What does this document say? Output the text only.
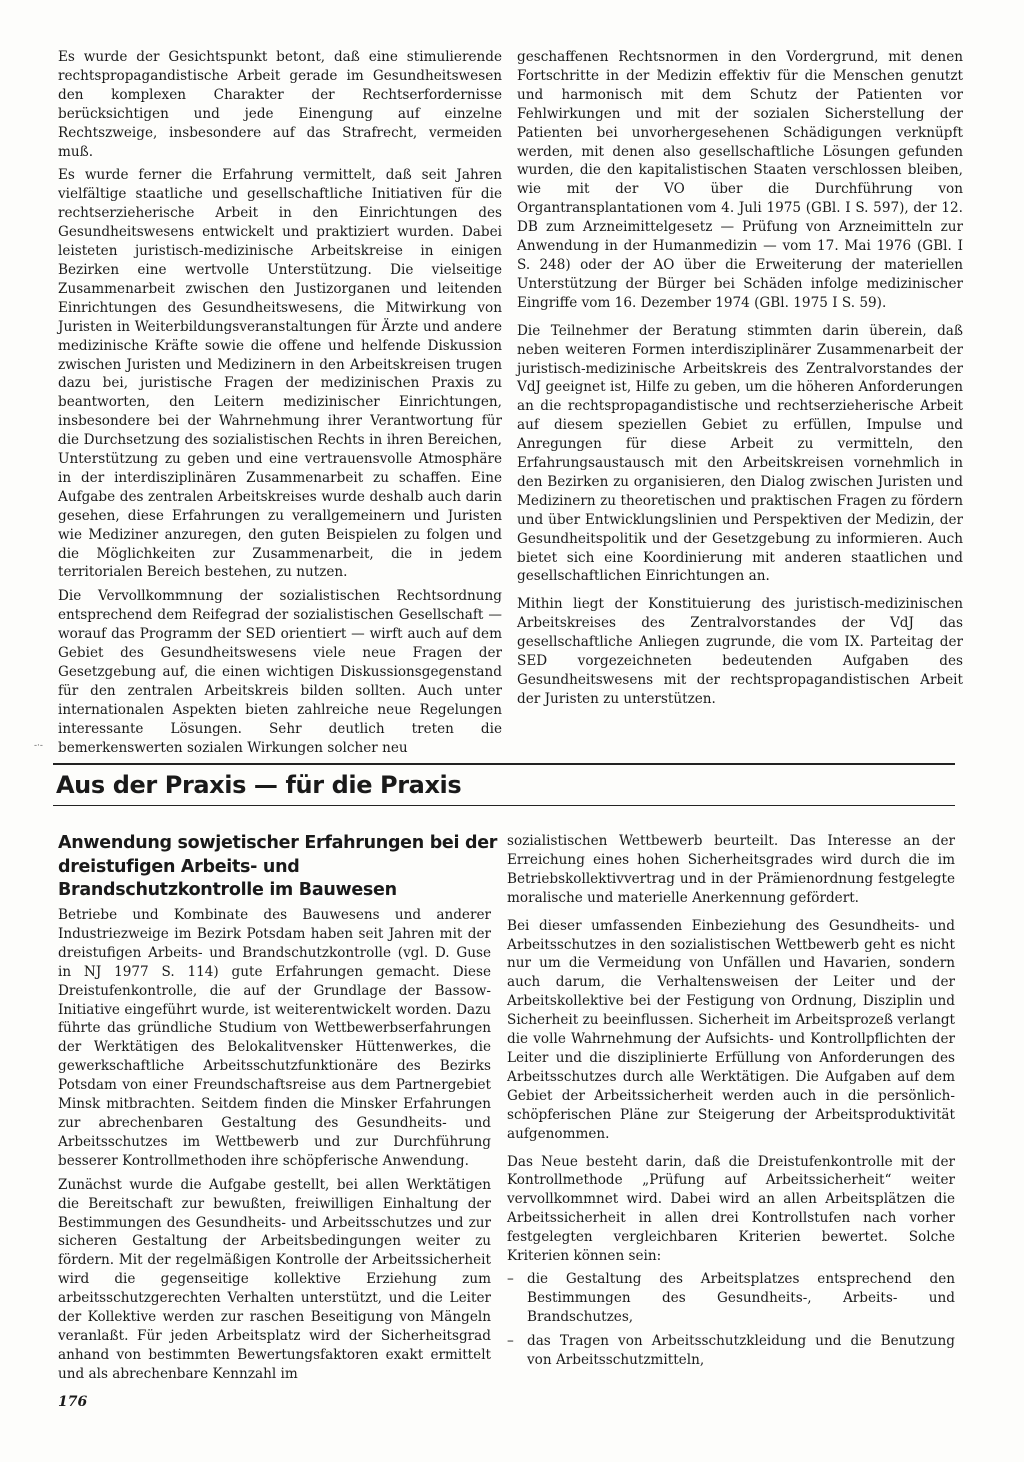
Es wurde der Gesichtspunkt betont, daß eine stimulierende rechtspropagandistische Arbeit gerade im Gesundheitswesen den komplexen Charakter der Rechtserfordernisse berücksichtigen und jede Einengung auf einzelne Rechtszweige, insbesondere auf das Strafrecht, vermeiden muß.

Es wurde ferner die Erfahrung vermittelt, daß seit Jahren vielfältige staatliche und gesellschaftliche Initiativen für die rechtserzieherische Arbeit in den Einrichtungen des Gesundheitswesens entwickelt und praktiziert wurden. Dabei leisteten juristisch-medizinische Arbeitskreise in einigen Bezirken eine wertvolle Unterstützung. Die vielseitige Zusammenarbeit zwischen den Justizorganen und leitenden Einrichtungen des Gesundheitswesens, die Mitwirkung von Juristen in Weiterbildungsveranstaltungen für Ärzte und andere medizinische Kräfte sowie die offene und helfende Diskussion zwischen Juristen und Medizinern in den Arbeitskreisen trugen dazu bei, juristische Fragen der medizinischen Praxis zu beantworten, den Leitern medizinischer Einrichtungen, insbesondere bei der Wahrnehmung ihrer Verantwortung für die Durchsetzung des sozialistischen Rechts in ihren Bereichen, Unterstützung zu geben und eine vertrauensvolle Atmosphäre in der interdisziplinären Zusammenarbeit zu schaffen. Eine Aufgabe des zentralen Arbeitskreises wurde deshalb auch darin gesehen, diese Erfahrungen zu verallgemeinern und Juristen wie Mediziner anzuregen, den guten Beispielen zu folgen und die Möglichkeiten zur Zusammenarbeit, die in jedem territorialen Bereich bestehen, zu nutzen.

Die Vervollkommnung der sozialistischen Rechtsordnung entsprechend dem Reifegrad der sozialistischen Gesellschaft — worauf das Programm der SED orientiert — wirft auch auf dem Gebiet des Gesundheitswesens viele neue Fragen der Gesetzgebung auf, die einen wichtigen Diskussionsgegenstand für den zentralen Arbeitskreis bilden sollten. Auch unter internationalen Aspekten bieten zahlreiche neue Regelungen interessante Lösungen. Sehr deutlich treten die bemerkenswerten sozialen Wirkungen solcher neu

geschaffenen Rechtsnormen in den Vordergrund, mit denen Fortschritte in der Medizin effektiv für die Menschen genutzt und harmonisch mit dem Schutz der Patienten vor Fehlwirkungen und mit der sozialen Sicherstellung der Patienten bei unvorhergesehenen Schädigungen verknüpft werden, mit denen also gesellschaftliche Lösungen gefunden wurden, die den kapitalistischen Staaten verschlossen bleiben, wie mit der VO über die Durchführung von Organtransplantationen vom 4. Juli 1975 (GBl. I S. 597), der 12. DB zum Arzneimittelgesetz — Prüfung von Arzneimitteln zur Anwendung in der Humanmedizin — vom 17. Mai 1976 (GBl. I S. 248) oder der AO über die Erweiterung der materiellen Unterstützung der Bürger bei Schäden infolge medizinischer Eingriffe vom 16. Dezember 1974 (GBl. 1975 I S. 59).

Die Teilnehmer der Beratung stimmten darin überein, daß neben weiteren Formen interdisziplinärer Zusammenarbeit der juristisch-medizinische Arbeitskreis des Zentralvorstandes der VdJ geeignet ist, Hilfe zu geben, um die höheren Anforderungen an die rechtspropagandistische und rechtserzieherische Arbeit auf diesem speziellen Gebiet zu erfüllen, Impulse und Anregungen für diese Arbeit zu vermitteln, den Erfahrungsaustausch mit den Arbeitskreisen vornehmlich in den Bezirken zu organisieren, den Dialog zwischen Juristen und Medizinern zu theoretischen und praktischen Fragen zu fördern und über Entwicklungslinien und Perspektiven der Medizin, der Gesundheitspolitik und der Gesetzgebung zu informieren. Auch bietet sich eine Koordinierung mit anderen staatlichen und gesellschaftlichen Einrichtungen an.

Mithin liegt der Konstituierung des juristisch-medizinischen Arbeitskreises des Zentralvorstandes der VdJ das gesellschaftliche Anliegen zugrunde, die vom IX. Parteitag der SED vorgezeichneten bedeutenden Aufgaben des Gesundheitswesens mit der rechtspropagandistischen Arbeit der Juristen zu unterstützen.

-·-
Aus der Praxis — für die Praxis
Anwendung sowjetischer Erfahrungen bei der dreistufigen Arbeits- und Brandschutzkontrolle im Bauwesen

Betriebe und Kombinate des Bauwesens und anderer Industriezweige im Bezirk Potsdam haben seit Jahren mit der dreistufigen Arbeits- und Brandschutzkontrolle (vgl. D. Guse in NJ 1977 S. 114) gute Erfahrungen gemacht. Diese Dreistufenkontrolle, die auf der Grundlage der Bassow-Initiative eingeführt wurde, ist weiterentwickelt worden. Dazu führte das gründliche Studium von Wettbewerbserfahrungen der Werktätigen des Belokalitvensker Hüttenwerkes, die gewerkschaftliche Arbeitsschutzfunktionäre des Bezirks Potsdam von einer Freundschaftsreise aus dem Partnergebiet Minsk mitbrachten. Seitdem finden die Minsker Erfahrungen zur abrechenbaren Gestaltung des Gesundheits- und Arbeitsschutzes im Wettbewerb und zur Durchführung besserer Kontrollmethoden ihre schöpferische Anwendung.

Zunächst wurde die Aufgabe gestellt, bei allen Werktätigen die Bereitschaft zur bewußten, freiwilligen Einhaltung der Bestimmungen des Gesundheits- und Arbeitsschutzes und zur sicheren Gestaltung der Arbeitsbedingungen weiter zu fördern. Mit der regelmäßigen Kontrolle der Arbeitssicherheit wird die gegenseitige kollektive Erziehung zum arbeitsschutzgerechten Verhalten unterstützt, und die Leiter der Kollektive werden zur raschen Beseitigung von Mängeln veranlaßt. Für jeden Arbeitsplatz wird der Sicherheitsgrad anhand von bestimmten Bewertungsfaktoren exakt ermittelt und als abrechenbare Kennzahl im

sozialistischen Wettbewerb beurteilt. Das Interesse an der Erreichung eines hohen Sicherheitsgrades wird durch die im Betriebskollektivvertrag und in der Prämienordnung festgelegte moralische und materielle Anerkennung gefördert.

Bei dieser umfassenden Einbeziehung des Gesundheits- und Arbeitsschutzes in den sozialistischen Wettbewerb geht es nicht nur um die Vermeidung von Unfällen und Havarien, sondern auch darum, die Verhaltensweisen der Leiter und der Arbeitskollektive bei der Festigung von Ordnung, Disziplin und Sicherheit zu beeinflussen. Sicherheit im Arbeitsprozeß verlangt die volle Wahrnehmung der Aufsichts- und Kontrollpflichten der Leiter und die disziplinierte Erfüllung von Anforderungen des Arbeitsschutzes durch alle Werktätigen. Die Aufgaben auf dem Gebiet der Arbeitssicherheit werden auch in die persönlich-schöpferischen Pläne zur Steigerung der Arbeitsproduktivität aufgenommen.

Das Neue besteht darin, daß die Dreistufenkontrolle mit der Kontrollmethode „Prüfung auf Arbeitssicherheit“ weiter vervollkommnet wird. Dabei wird an allen Arbeitsplätzen die Arbeitssicherheit in allen drei Kontrollstufen nach vorher festgelegten vergleichbaren Kriterien bewertet. Solche Kriterien können sein:

– die Gestaltung des Arbeitsplatzes entsprechend den Bestimmungen des Gesundheits-, Arbeits- und Brandschutzes,
– das Tragen von Arbeitsschutzkleidung und die Benutzung von Arbeitsschutzmitteln,
176
